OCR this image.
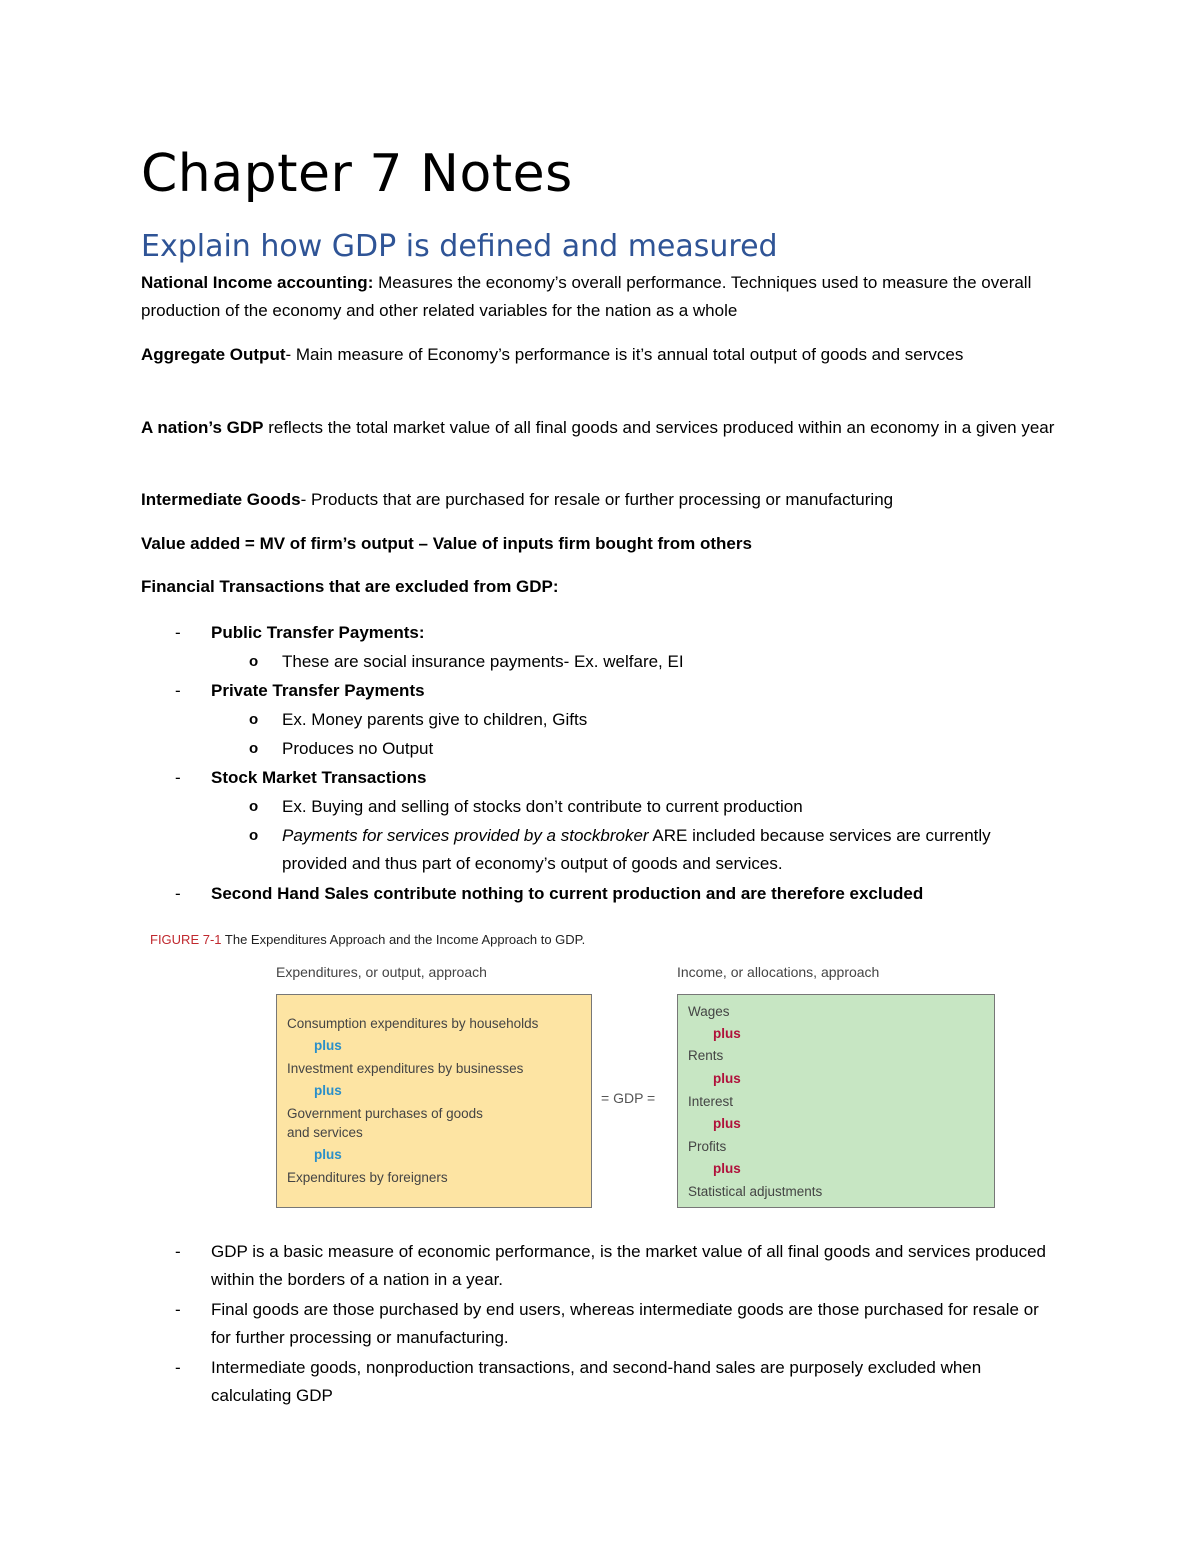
Chapter 7 Notes
Explain how GDP is defined and measured

National Income accounting: Measures the economy’s overall performance. Techniques used to measure the overall production of the economy and other related variables for the nation as a whole

Aggregate Output- Main measure of Economy’s performance is it’s annual total output of goods and servces

A nation’s GDP reflects the total market value of all final goods and services produced within an economy in a given year

Intermediate Goods- Products that are purchased for resale or further processing or manufacturing

Value added = MV of firm’s output – Value of inputs firm bought from others

Financial Transactions that are excluded from GDP:

- Public Transfer Payments:
o These are social insurance payments- Ex. welfare, EI
- Private Transfer Payments
o Ex. Money parents give to children, Gifts
o Produces no Output
- Stock Market Transactions
o Ex. Buying and selling of stocks don’t contribute to current production
o Payments for services provided by a stockbroker ARE included because services are currently provided and thus part of economy’s output of goods and services.
- Second Hand Sales contribute nothing to current production and are therefore excluded
FIGURE 7-1 The Expenditures Approach and the Income Approach to GDP.
Expenditures, or output, approach	Income, or allocations, approach
Consumption expenditures by households
plus
Investment expenditures by businesses
plus
Government purchases of goods
and services
plus
Expenditures by foreigners
= GDP =
Wages
plus
Rents
plus
Interest
plus
Profits
plus
Statistical adjustments
- GDP is a basic measure of economic performance, is the market value of all final goods and services produced within the borders of a nation in a year.
- Final goods are those purchased by end users, whereas intermediate goods are those purchased for resale or for further processing or manufacturing.
- Intermediate goods, nonproduction transactions, and second-hand sales are purposely excluded when calculating GDP
